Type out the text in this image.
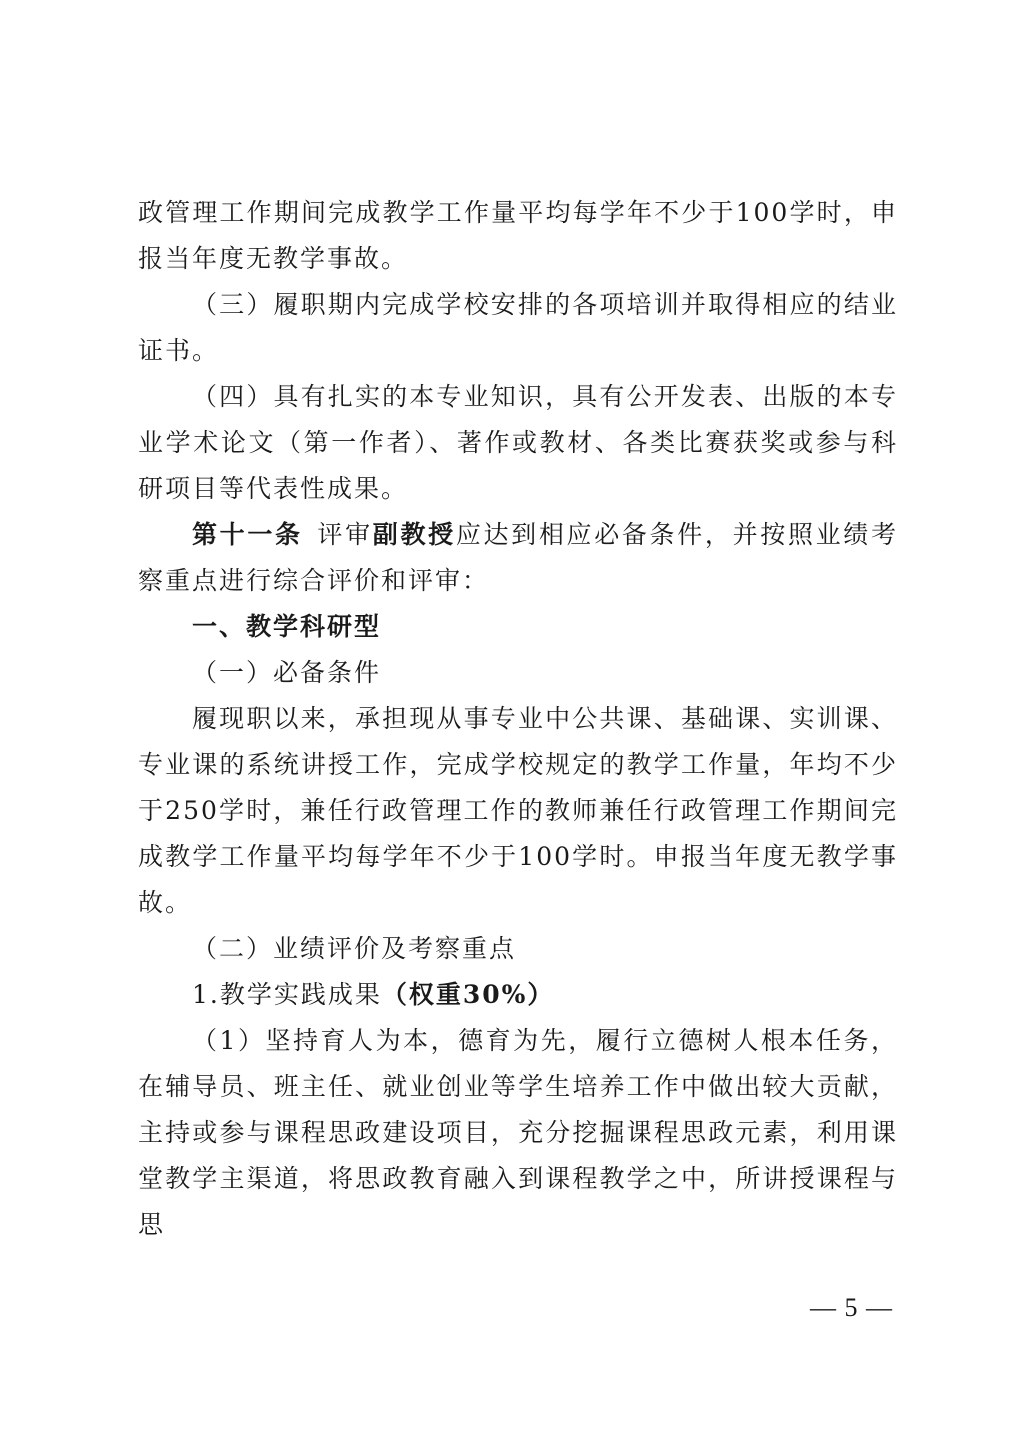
政管理工作期间完成教学工作量平均每学年不少于100学时，申报当年度无教学事故。

（三）履职期内完成学校安排的各项培训并取得相应的结业证书。

（四）具有扎实的本专业知识，具有公开发表、出版的本专业学术论文（第一作者）、著作或教材、各类比赛获奖或参与科研项目等代表性成果。

第十一条 评审副教授应达到相应必备条件，并按照业绩考察重点进行综合评价和评审：

一、教学科研型

（一）必备条件

履现职以来，承担现从事专业中公共课、基础课、实训课、专业课的系统讲授工作，完成学校规定的教学工作量，年均不少于250学时，兼任行政管理工作的教师兼任行政管理工作期间完成教学工作量平均每学年不少于100学时。申报当年度无教学事故。

（二）业绩评价及考察重点

1.教学实践成果（权重30%）

（1）坚持育人为本，德育为先，履行立德树人根本任务，在辅导员、班主任、就业创业等学生培养工作中做出较大贡献，主持或参与课程思政建设项目，充分挖掘课程思政元素，利用课堂教学主渠道，将思政教育融入到课程教学之中，所讲授课程与思

— 5 —
